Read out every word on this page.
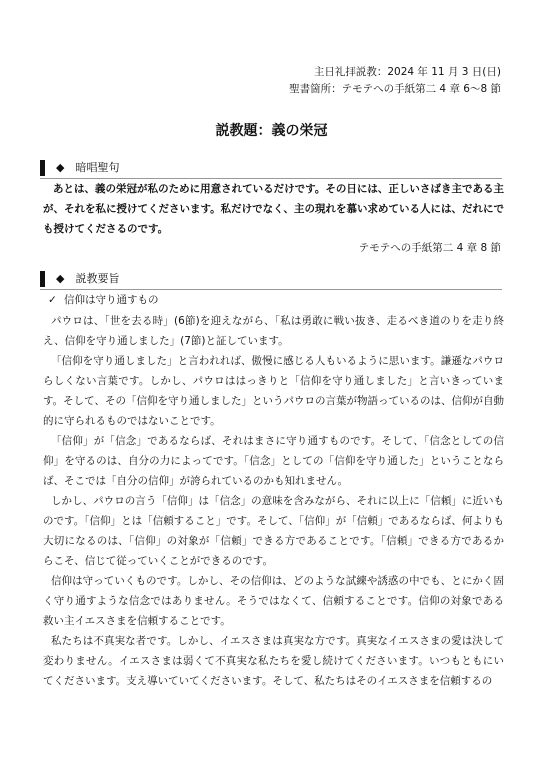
主日礼拝説教：2024 年 11 月 3 日(日)
聖書箇所：テモテへの手紙第二 4 章 6～8 節
説教題：義の栄冠
◆　 暗唱聖句
あとは、義の栄冠が私のために用意されているだけです。その日には、正しいさばき主である主が、それを私に授けてくださいます。私だけでなく、主の現れを慕い求めている人には、だれにでも授けてくださるのです。
テモテへの手紙第二 4 章 8 節
◆　 説教要旨
✓ 信仰は守り通すもの

パウロは、「世を去る時」(6節)を迎えながら、「私は勇敢に戦い抜き、走るべき道のりを走り終え、信仰を守り通しました」(7節)と証しています。

「信仰を守り通しました」と言われれば、傲慢に感じる人もいるように思います。謙遜なパウロらしくない言葉です。しかし、パウロははっきりと「信仰を守り通しました」と言いきっています。そして、その「信仰を守り通しました」というパウロの言葉が物語っているのは、信仰が自動的に守られるものではないことです。

「信仰」が「信念」であるならば、それはまさに守り通すものです。そして、「信念としての信仰」を守るのは、自分の力によってです。「信念」としての「信仰を守り通した」ということならば、そこでは「自分の信仰」が誇られているのかも知れません。

しかし、パウロの言う「信仰」は「信念」の意味を含みながら、それに以上に「信頼」に近いものです。「信仰」とは「信頼すること」です。そして、「信仰」が「信頼」であるならば、何よりも大切になるのは、「信仰」の対象が「信頼」できる方であることです。「信頼」できる方であるからこそ、信じて従っていくことができるのです。

信仰は守っていくものです。しかし、その信仰は、どのような試練や誘惑の中でも、とにかく固く守り通すような信念ではありません。そうではなくて、信頼することです。信仰の対象である救い主イエスさまを信頼することです。

私たちは不真実な者です。しかし、イエスさまは真実な方です。真実なイエスさまの愛は決して変わりません。イエスさまは弱くて不真実な私たちを愛し続けてくださいます。いつもともにいてくださいます。支え導いていてくださいます。そして、私たちはそのイエスさまを信頼するの
